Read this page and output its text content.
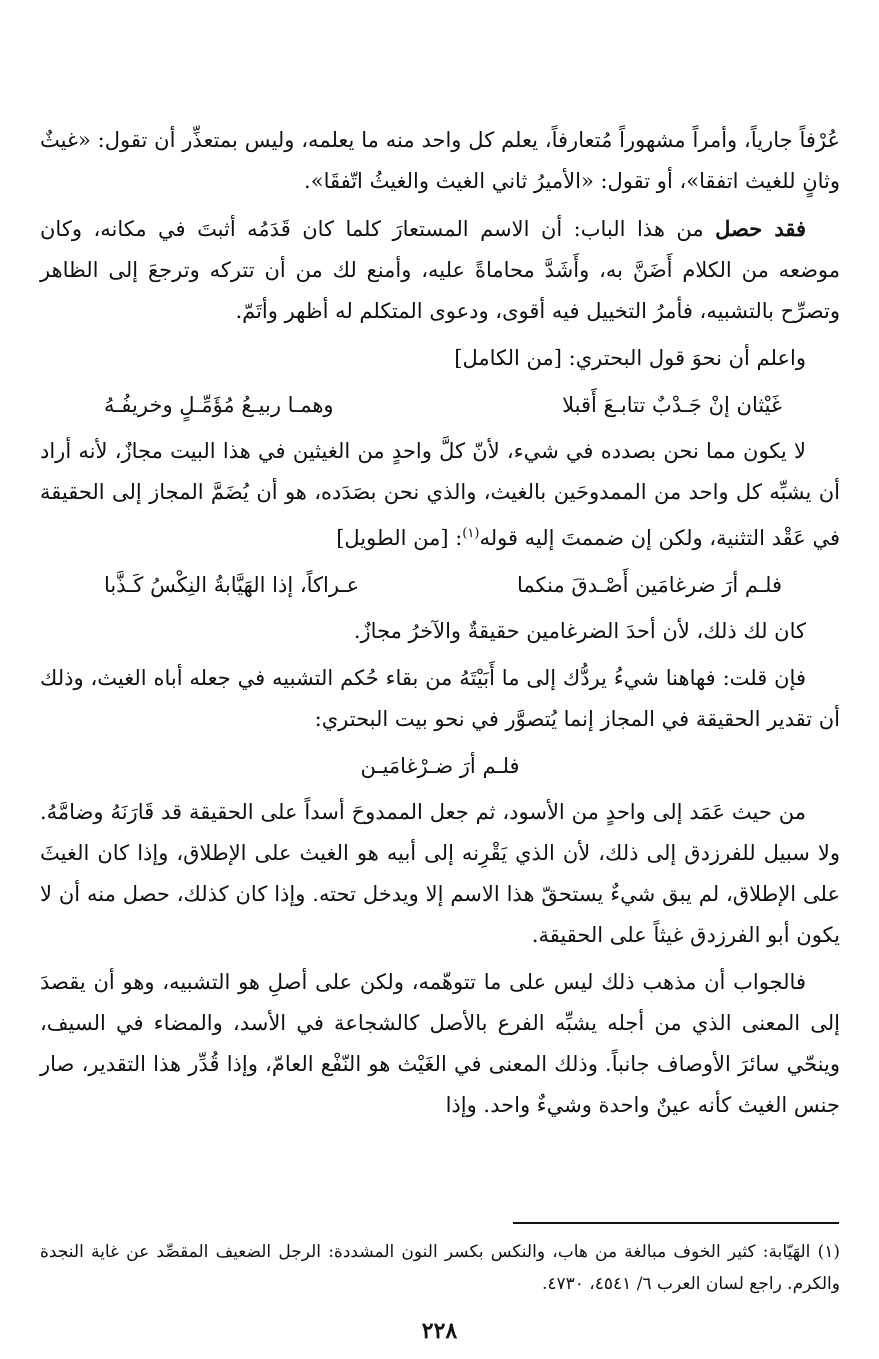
عُرْفاً جارياً، وأمراً مشهوراً مُتعارفاً، يعلم كل واحد منه ما يعلمه، وليس بمتعذِّر أن تقول: «غيثٌ وثانٍ للغيث اتفقا»، أو تقول: «الأميرُ ثاني الغيث والغيثُ اتّفقَا».

فقد حصل من هذا الباب: أن الاسم المستعارَ كلما كان قَدَمُه أثبتَ في مكانه، وكان موضعه من الكلام أَضَنَّ به، وأَشَدَّ محاماةً عليه، وأمنع لك من أن تتركه وترجعَ إلى الظاهر وتصرِّح بالتشبيه، فأمرُ التخييل فيه أقوى، ودعوى المتكلم له أظهر وأتَمّ.

واعلم أن نحوَ قول البحتري: [من الكامل]

غَيْثان إنْ جَـدْبٌ تتابـعَ أَقبلا
وهمـا ربيـعُ مُؤَمِّـلٍ وخريفُـهُ

لا يكون مما نحن بصدده في شيء، لأنّ كلَّ واحدٍ من الغيثين في هذا البيت مجازٌ، لأنه أراد أن يشبِّه كل واحد من الممدوحَين بالغيث، والذي نحن بصَدَده، هو أن يُضَمَّ المجاز إلى الحقيقة في عَقْد التثنية، ولكن إن ضممتَ إليه قوله$^{(١)}$: [من الطويل]

فلـم أرَ ضرغامَين أَصْـدقَ منكما
عـراكاً، إذا الهَيَّابةُ النِكْسُ كَـذَّبا

كان لك ذلك، لأن أحدَ الضرغامين حقيقةٌ والآخرُ مجازٌ.

فإن قلت: فهاهنا شيءُ يردُّك إلى ما أَبَيْتَهُ من بقاء حُكم التشبيه في جعله أباه الغيث، وذلك أن تقدير الحقيقة في المجاز إنما يُتصوَّر في نحو بيت البحتري:

فلـم أرَ ضـرْغامَيـن

من حيث عَمَد إلى واحدٍ من الأسود، ثم جعل الممدوحَ أسداً على الحقيقة قد قَارَنَهُ وضامَّهُ. ولا سبيل للفرزدق إلى ذلك، لأن الذي يَقْرِنه إلى أبيه هو الغيث على الإطلاق، وإذا كان الغيثَ على الإطلاق، لم يبق شيءٌ يستحقّ هذا الاسم إلا ويدخل تحته. وإذا كان كذلك، حصل منه أن لا يكون أبو الفرزدق غيثاً على الحقيقة.

فالجواب أن مذهب ذلك ليس على ما تتوهّمه، ولكن على أصلِ هو التشبيه، وهو أن يقصدَ إلى المعنى الذي من أجله يشبِّه الفرع بالأصل كالشجاعة في الأسد، والمضاء في السيف، وينحّي سائرَ الأوصاف جانباً. وذلك المعنى في الغَيْث هو النّفْع العامّ، وإذا قُدِّر هذا التقدير، صار جنس الغيث كأنه عينٌ واحدة وشيءٌ واحد. وإذا

(١) الهَيّابة: كثير الخوف مبالغة من هاب، والنكس بكسر النون المشددة: الرجل الضعيف المقصِّد عن غاية النجدة والكرم. راجع لسان العرب ٦/ ٤٥٤١، ٤٧٣٠.
٢٢٨
